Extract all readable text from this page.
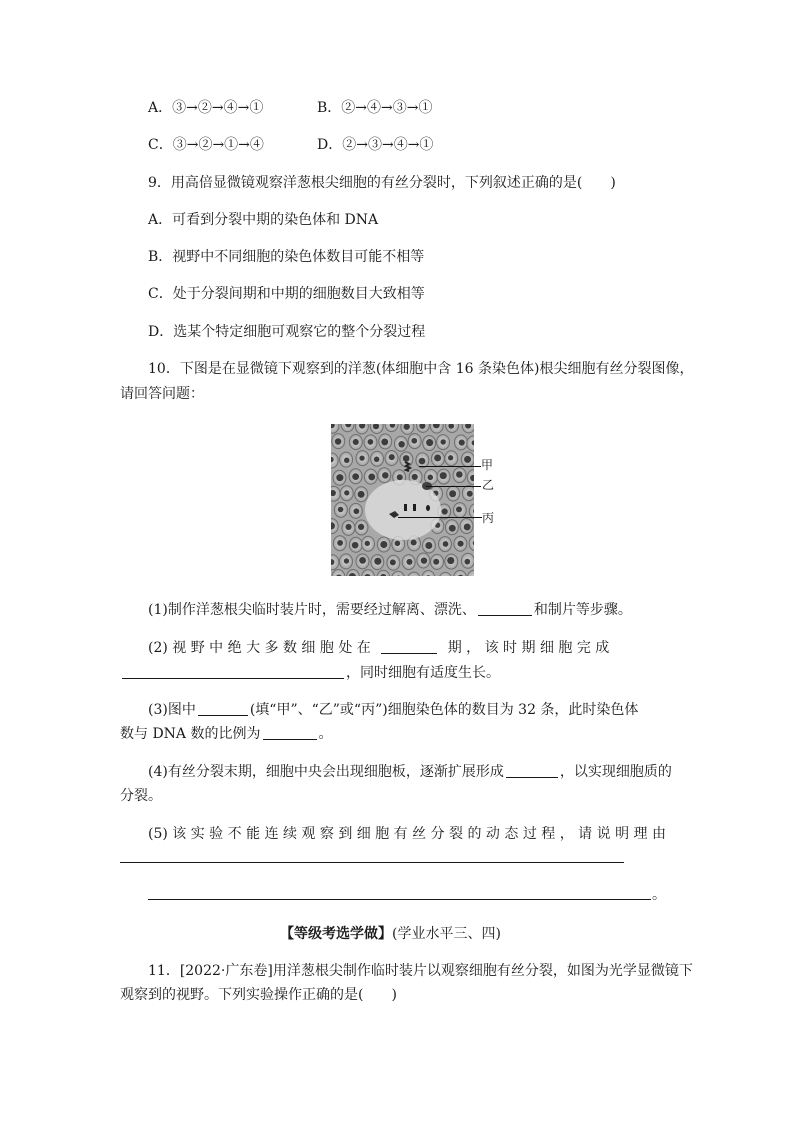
A．③→②→④→①	B．②→④→③→①
C．③→②→①→④	D．②→③→④→①
9．用高倍显微镜观察洋葱根尖细胞的有丝分裂时，下列叙述正确的是(　　)
A．可看到分裂中期的染色体和 DNA
B．视野中不同细胞的染色体数目可能不相等
C．处于分裂间期和中期的细胞数目大致相等
D．选某个特定细胞可观察它的整个分裂过程
10．下图是在显微镜下观察到的洋葱(体细胞中含 16 条染色体)根尖细胞有丝分裂图像，
请回答问题：
甲
乙
丙
(1)制作洋葱根尖临时装片时，需要经过解离、漂洗、	和制片等步骤。
(2) 视 野 中 绝 大 多 数 细 胞 处 在	期 ， 该 时 期 细 胞 完 成
，同时细胞有适度生长。
(3)图中	(填“甲”、“乙”或“丙”)细胞染色体的数目为 32 条，此时染色体
数与 DNA 数的比例为	。
(4)有丝分裂末期，细胞中央会出现细胞板，逐渐扩展形成	，以实现细胞质的
分裂。
(5) 该 实 验 不 能 连 续 观 察 到 细 胞 有 丝 分 裂 的 动 态 过 程 ， 请 说 明 理 由
。
【等级考选学做】(学业水平三、四)
11．[2022·广东卷]用洋葱根尖制作临时装片以观察细胞有丝分裂，如图为光学显微镜下
观察到的视野。下列实验操作正确的是(　　)
